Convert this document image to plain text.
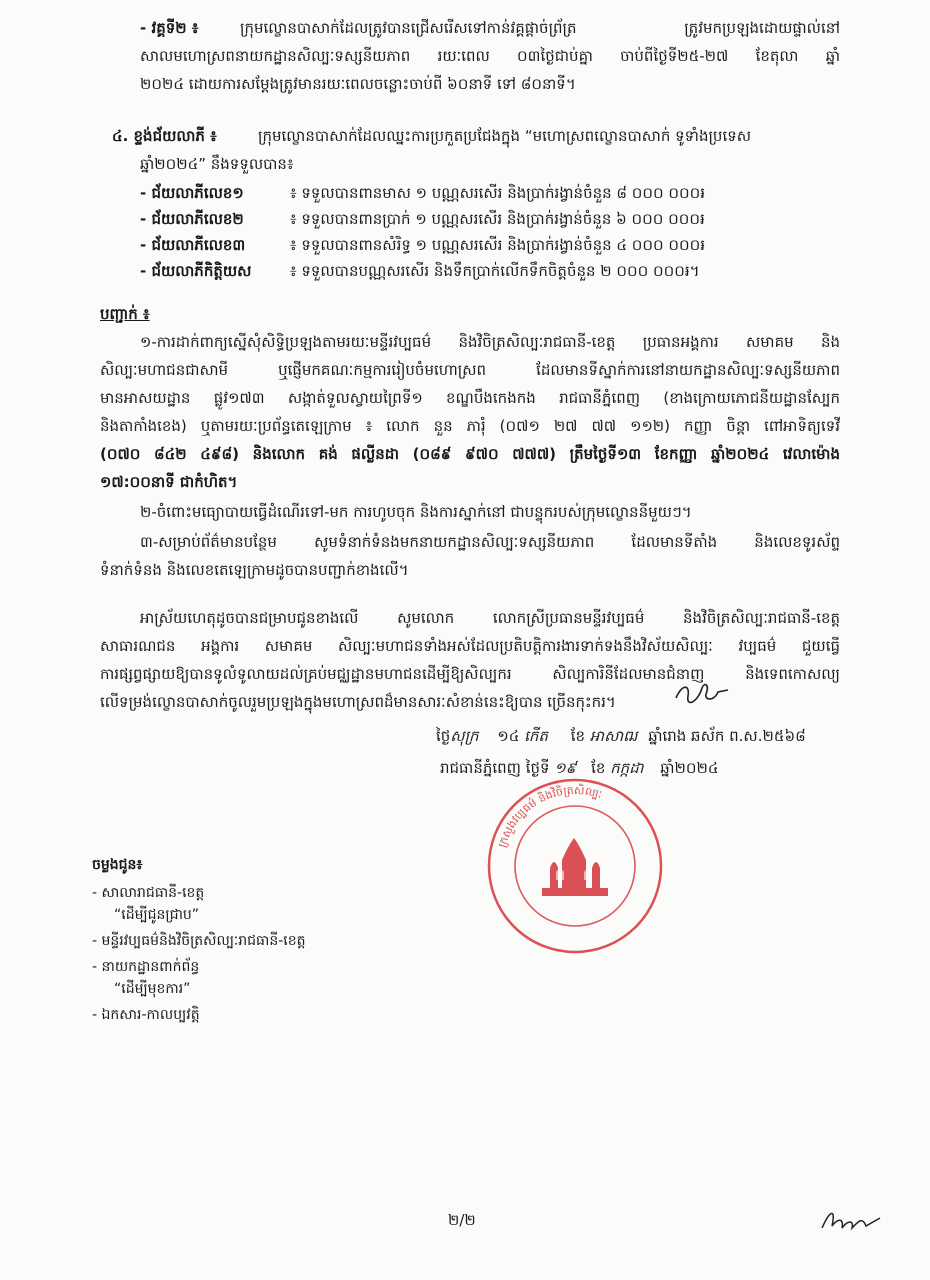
- វគ្គទី២ ៖	ក្រុមល្ខោនបាសាក់ដែលត្រូវបានជ្រើសរើសទៅកាន់វគ្គផ្ដាច់ព្រ័ត្រ ត្រូវមកប្រឡងដោយផ្ទាល់នៅ
សាលមហោស្រពនាយកដ្ឋានសិល្បៈទស្សនីយភាព រយៈពេល ០៣ថ្ងៃជាប់គ្នា ចាប់ពីថ្ងៃទី២៥-២៧ ខែតុលា ឆ្នាំ
២០២៤ ដោយការសម្ដែងត្រូវមានរយៈពេលចន្លោះចាប់ពី ៦០នាទី ទៅ ៨០នាទី។
៤. ខ្ទង់ជ័យលាភី ៖	ក្រុមល្ខោនបាសាក់ដែលឈ្នះការប្រកួតប្រជែងក្នុង “មហោស្រពល្ខោនបាសាក់ ទូទាំងប្រទេស
ឆ្នាំ២០២៤” នឹងទទួលបាន៖
- ជ័យលាភីលេខ១	៖ ទទួលបានពានមាស ១ បណ្ណសរសើរ និងប្រាក់រង្វាន់ចំនួន ៨ ០០០ ០០០៛
- ជ័យលាភីលេខ២	៖ ទទួលបានពានប្រាក់ ១ បណ្ណសរសើរ និងប្រាក់រង្វាន់ចំនួន ៦ ០០០ ០០០៛
- ជ័យលាភីលេខ៣	៖ ទទួលបានពានសំរិទ្ធ ១ បណ្ណសរសើរ និងប្រាក់រង្វាន់ចំនួន ៤ ០០០ ០០០៛
- ជ័យលាភីកិត្តិយស	៖ ទទួលបានបណ្ណសរសើរ និងទឹកប្រាក់លើកទឹកចិត្តចំនួន ២ ០០០ ០០០៛។
បញ្ជាក់ ៖
១-ការដាក់ពាក្យស្នើសុំសិទ្ធិប្រឡងតាមរយៈមន្ទីរវប្បធម៌ និងវិចិត្រសិល្បៈរាជធានី-ខេត្ត ប្រធានអង្គការ សមាគម និង
សិល្បៈមហាជនជាសាមី ឬផ្ញើមកគណៈកម្មការរៀបចំមហោស្រព ដែលមានទីស្នាក់ការនៅនាយកដ្ឋានសិល្បៈទស្សនីយភាព
មានអាសយដ្ឋាន ផ្លូវ១៧៣ សង្កាត់ទួលស្វាយព្រៃទី១ ខណ្ឌបឹងកេងកង រាជធានីភ្នំពេញ (ខាងក្រោយភោជនីយដ្ឋានស្បែក
និងតាកាំងខេង) ឬតាមរយៈប្រព័ន្ធតេឡេក្រាម ៖ លោក នួន ភារុំ (០៧១ ២៧ ៧៧ ១១២) កញ្ញា ចិន្ដា ពៅអាទិត្យទេវី
(០៧០ ៨៤២ ៤៩៨) និងលោក គង់ ផល្លីនដា (០៨៩ ៩៧០ ៧៧៧) ត្រឹមថ្ងៃទី១៣ ខែកញ្ញា ឆ្នាំ២០២៤ វេលាម៉ោង
១៧:០០នាទី ជាកំហិត។
២-ចំពោះមធ្យោបាយធ្វើដំណើរទៅ-មក ការហូបចុក និងការស្នាក់នៅ ជាបន្ទុករបស់ក្រុមល្ខោននីមួយៗ។
៣-សម្រាប់ព័ត៌មានបន្ថែម សូមទំនាក់ទំនងមកនាយកដ្ឋានសិល្បៈទស្សនីយភាព ដែលមានទីតាំង និងលេខទូរស័ព្ទ
ទំនាក់ទំនង និងលេខតេឡេក្រាមដូចបានបញ្ជាក់ខាងលើ។
អាស្រ័យហេតុដូចបានជម្រាបជូនខាងលើ សូមលោក លោកស្រីប្រធានមន្ទីរវប្បធម៌ និងវិចិត្រសិល្បៈរាជធានី-ខេត្ត
សាធារណជន អង្គការ សមាគម សិល្បៈមហាជនទាំងអស់ដែលប្រតិបត្តិការងារទាក់ទងនឹងវិស័យសិល្បៈ វប្បធម៌ ជួយធ្វើ
ការផ្សព្វផ្សាយឱ្យបានទូលំទូលាយដល់គ្រប់មជ្ឈដ្ឋានមហាជនដើម្បីឱ្យសិល្បករ សិល្បការិនីដែលមានជំនាញ និងទេពកោសល្យ
លើទម្រង់ល្ខោនបាសាក់ចូលរួមប្រឡងក្នុងមហោស្រពដ៏មានសារៈសំខាន់នេះឱ្យបាន ច្រើនកុះករ។
ថ្ងៃសុក្រ ១៤ កើត ខែ អាសាឍ ឆ្នាំរោង ឆស័ក ព.ស.២៥៦៨
រាជធានីភ្នំពេញ ថ្ងៃទី ១៩ ខែ កក្កដា ឆ្នាំ២០២៤
ក្រសួងវប្បធម៌ និងវិចិត្រសិល្បៈ
ចម្លងជូន៖
- សាលារាជធានី-ខេត្ត
“ដើម្បីជូនជ្រាប”
- មន្ទីរវប្បធម៌និងវិចិត្រសិល្បៈរាជធានី-ខេត្ត
- នាយកដ្ឋានពាក់ព័ន្ធ
“ដើម្បីមុខការ”
- ឯកសារ-កាលប្បវត្តិ
២/២
